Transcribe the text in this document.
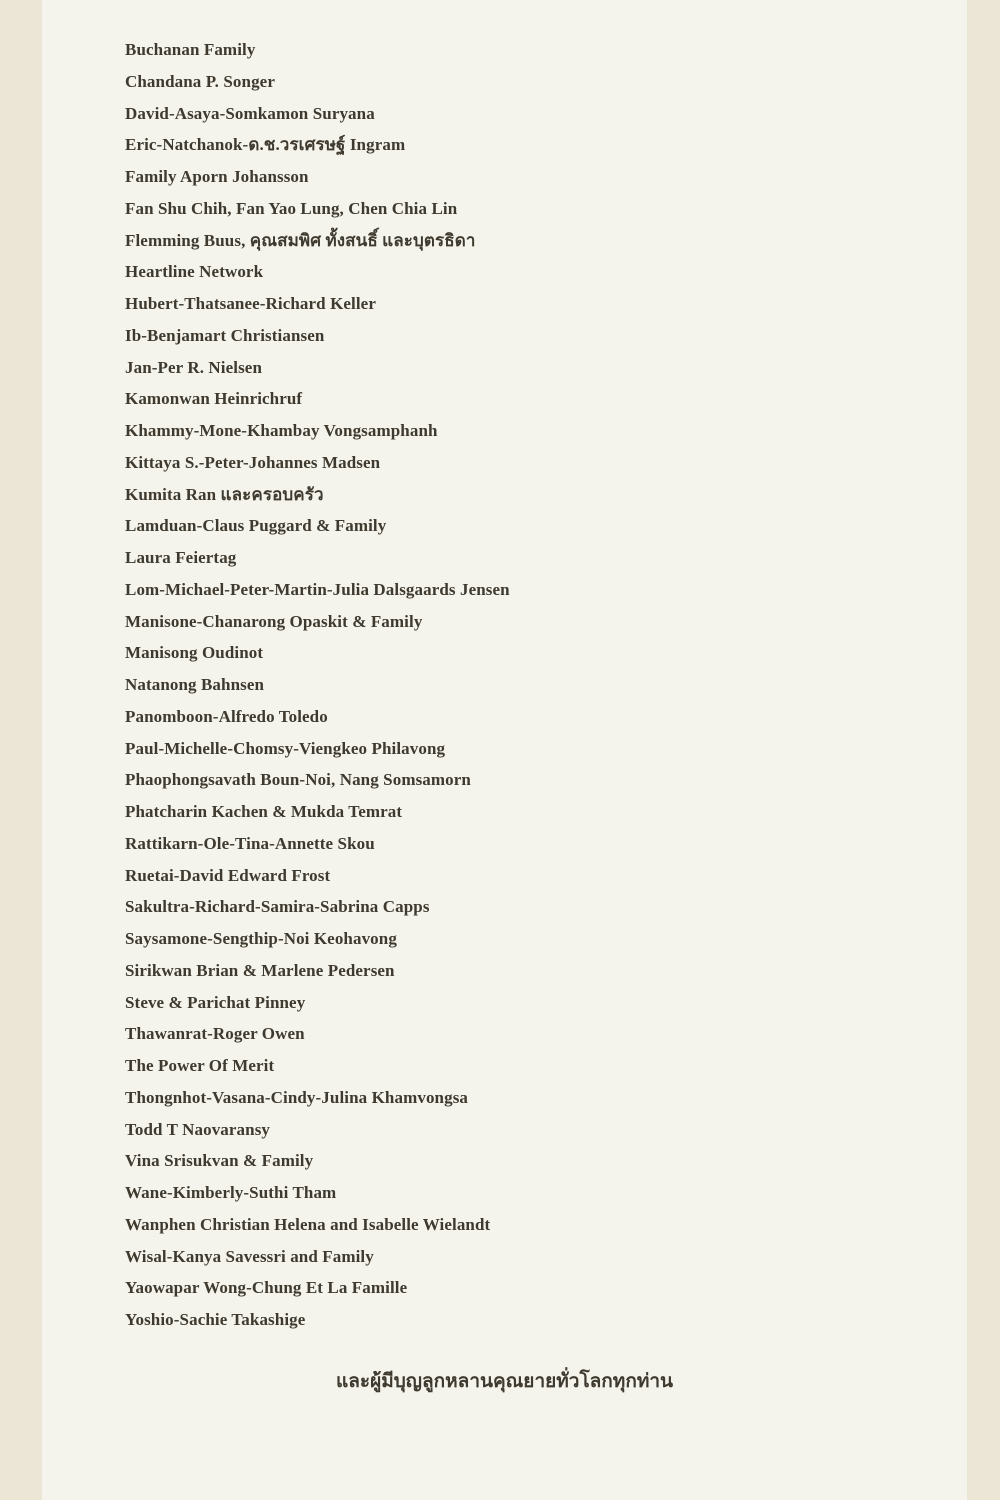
Buchanan Family
Chandana P. Songer
David-Asaya-Somkamon Suryana
Eric-Natchanok-ด.ช.วรเศรษฐ์ Ingram
Family Aporn Johansson
Fan Shu Chih, Fan Yao Lung, Chen Chia Lin
Flemming Buus, คุณสมพิศ ทั้งสนธิ์ และบุตรธิดา
Heartline Network
Hubert-Thatsanee-Richard Keller
Ib-Benjamart Christiansen
Jan-Per R. Nielsen
Kamonwan Heinrichruf
Khammy-Mone-Khambay Vongsamphanh
Kittaya S.-Peter-Johannes Madsen
Kumita Ran และครอบครัว
Lamduan-Claus Puggard & Family
Laura Feiertag
Lom-Michael-Peter-Martin-Julia Dalsgaards Jensen
Manisone-Chanarong Opaskit & Family
Manisong Oudinot
Natanong Bahnsen
Panomboon-Alfredo Toledo
Paul-Michelle-Chomsy-Viengkeo Philavong
Phaophongsavath Boun-Noi, Nang Somsamorn
Phatcharin Kachen & Mukda Temrat
Rattikarn-Ole-Tina-Annette Skou
Ruetai-David Edward Frost
Sakultra-Richard-Samira-Sabrina Capps
Saysamone-Sengthip-Noi Keohavong
Sirikwan Brian & Marlene Pedersen
Steve & Parichat Pinney
Thawanrat-Roger Owen
The Power Of Merit
Thongnhot-Vasana-Cindy-Julina Khamvongsa
Todd T Naovaransy
Vina Srisukvan & Family
Wane-Kimberly-Suthi Tham
Wanphen Christian Helena and Isabelle Wielandt
Wisal-Kanya Savessri and Family
Yaowapar Wong-Chung Et La Famille
Yoshio-Sachie Takashige
และผู้มีบุญลูกหลานคุณยายทั่วโลกทุกท่าน
